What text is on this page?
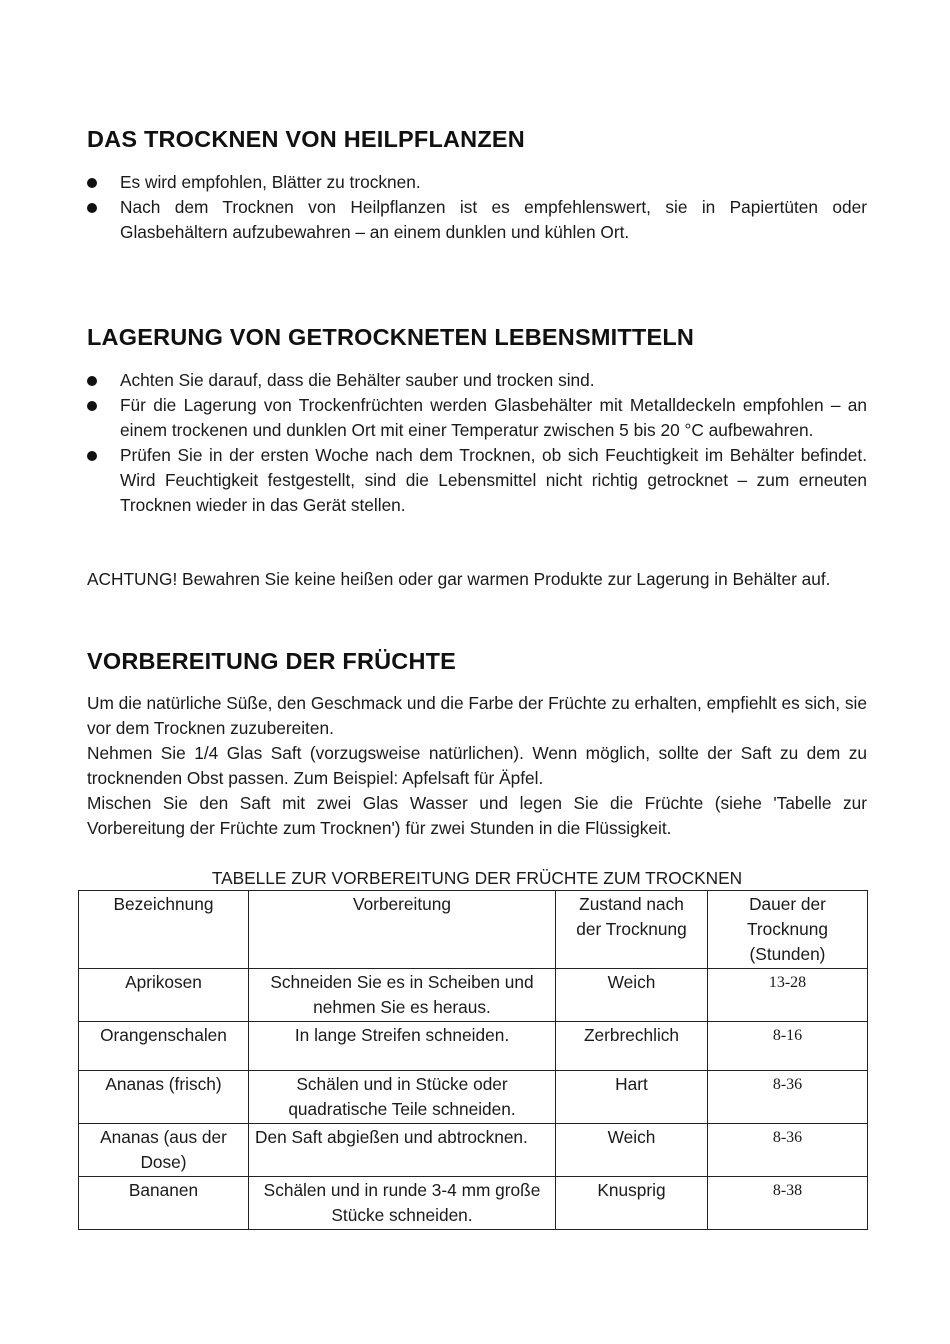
DAS TROCKNEN VON HEILPFLANZEN
Es wird empfohlen, Blätter zu trocknen.
Nach dem Trocknen von Heilpflanzen ist es empfehlenswert, sie in Papiertüten oder Glasbehältern aufzubewahren – an einem dunklen und kühlen Ort.
LAGERUNG VON GETROCKNETEN LEBENSMITTELN
Achten Sie darauf, dass die Behälter sauber und trocken sind.
Für die Lagerung von Trockenfrüchten werden Glasbehälter mit Metalldeckeln empfohlen – an einem trockenen und dunklen Ort mit einer Temperatur zwischen 5 bis 20 °C aufbewahren.
Prüfen Sie in der ersten Woche nach dem Trocknen, ob sich Feuchtigkeit im Behälter befindet. Wird Feuchtigkeit festgestellt, sind die Lebensmittel nicht richtig getrocknet – zum erneuten Trocknen wieder in das Gerät stellen.

ACHTUNG! Bewahren Sie keine heißen oder gar warmen Produkte zur Lagerung in Behälter auf.

VORBEREITUNG DER FRÜCHTE

Um die natürliche Süße, den Geschmack und die Farbe der Früchte zu erhalten, empfiehlt es sich, sie vor dem Trocknen zuzubereiten.

Nehmen Sie 1/4 Glas Saft (vorzugsweise natürlichen). Wenn möglich, sollte der Saft zu dem zu trocknenden Obst passen. Zum Beispiel: Apfelsaft für Äpfel.

Mischen Sie den Saft mit zwei Glas Wasser und legen Sie die Früchte (siehe 'Tabelle zur Vorbereitung der Früchte zum Trocknen') für zwei Stunden in die Flüssigkeit.

TABELLE ZUR VORBEREITUNG DER FRÜCHTE ZUM TROCKNEN
Bezeichnung	Vorbereitung	Zustand nach der Trocknung	Dauer der Trocknung (Stunden)
Aprikosen	Schneiden Sie es in Scheiben und nehmen Sie es heraus.	Weich	13-28
Orangenschalen	In lange Streifen schneiden.	Zerbrechlich	8-16
Ananas (frisch)	Schälen und in Stücke oder quadratische Teile schneiden.	Hart	8-36
Ananas (aus der Dose)	Den Saft abgießen und abtrocknen.	Weich	8-36
Bananen	Schälen und in runde 3-4 mm große Stücke schneiden.	Knusprig	8-38
